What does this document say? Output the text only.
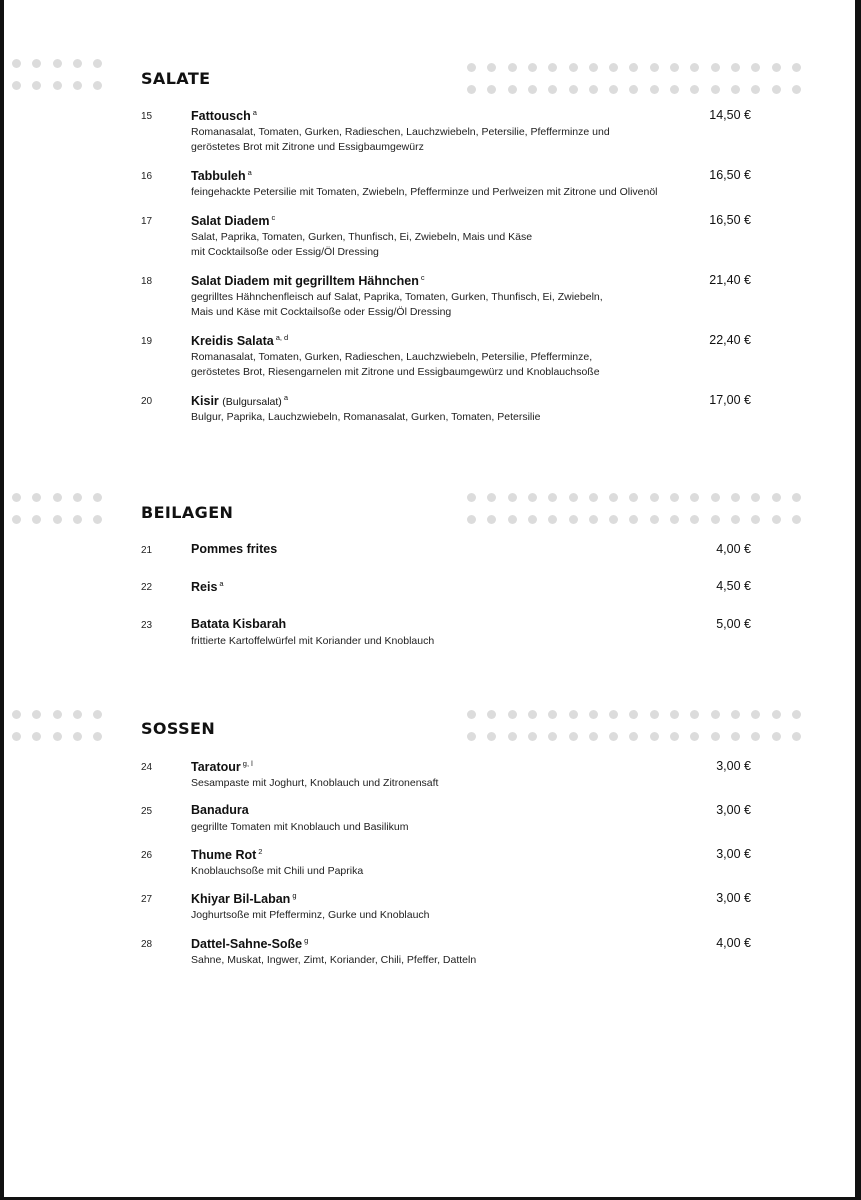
SALATE
BEILAGEN
SOSSEN
15	Fattousch $^a$
Romanasalat, Tomaten, Gurken, Radieschen, Lauchzwiebeln, Petersilie, Pfefferminze und
geröstetes Brot mit Zitrone und Essigbaumgewürz
14,50 €
16	Tabbuleh $^a$
feingehackte Petersilie mit Tomaten, Zwiebeln, Pfefferminze und Perlweizen mit Zitrone und Olivenöl
16,50 €
17	Salat Diadem $^c$
Salat, Paprika, Tomaten, Gurken, Thunfisch, Ei, Zwiebeln, Mais und Käse
mit Cocktailsoße oder Essig/Öl Dressing
16,50 €
18	Salat Diadem mit gegrilltem Hähnchen $^c$
gegrilltes Hähnchenfleisch auf Salat, Paprika, Tomaten, Gurken, Thunfisch, Ei, Zwiebeln,
Mais und Käse mit Cocktailsoße oder Essig/Öl Dressing
21,40 €
19	Kreidis Salata $^{a, d}$
Romanasalat, Tomaten, Gurken, Radieschen, Lauchzwiebeln, Petersilie, Pfefferminze,
geröstetes Brot, Riesengarnelen mit Zitrone und Essigbaumgewürz und Knoblauchsoße
22,40 €
20	Kisir (Bulgursalat) $^a$
Bulgur, Paprika, Lauchzwiebeln, Romanasalat, Gurken, Tomaten, Petersilie
17,00 €
21	Pommes frites	4,00 €
22	Reis $^a$	4,50 €
23	Batata Kisbarah
frittierte Kartoffelwürfel mit Koriander und Knoblauch
5,00 €
24	Taratour $^{g, l}$
Sesampaste mit Joghurt, Knoblauch und Zitronensaft
3,00 €
25	Banadura
gegrillte Tomaten mit Knoblauch und Basilikum
3,00 €
26	Thume Rot $^2$
Knoblauchsoße mit Chili und Paprika
3,00 €
27	Khiyar Bil-Laban $^g$
Joghurtsoße mit Pfefferminz, Gurke und Knoblauch
3,00 €
28	Dattel-Sahne-Soße $^g$
Sahne, Muskat, Ingwer, Zimt, Koriander, Chili, Pfeffer, Datteln
4,00 €
